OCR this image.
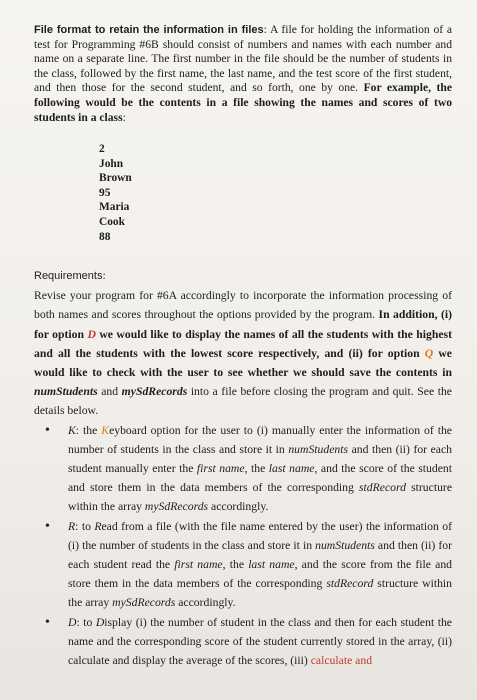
File format to retain the information in files: A file for holding the information of a test for Programming #6B should consist of numbers and names with each number and name on a separate line. The first number in the file should be the number of students in the class, followed by the first name, the last name, and the test score of the first student, and then those for the second student, and so forth, one by one. For example, the following would be the contents in a file showing the names and scores of two students in a class:
2
John
Brown
95
Maria
Cook
88
Requirements:
Revise your program for #6A accordingly to incorporate the information processing of both names and scores throughout the options provided by the program. In addition, (i) for option D we would like to display the names of all the students with the highest and all the students with the lowest score respectively, and (ii) for option Q we would like to check with the user to see whether we should save the contents in numStudents and mySdRecords into a file before closing the program and quit. See the details below.
• K: the Keyboard option for the user to (i) manually enter the information of the number of students in the class and store it in numStudents and then (ii) for each student manually enter the first name, the last name, and the score of the student and store them in the data members of the corresponding stdRecord structure within the array mySdRecords accordingly.
• R: to Read from a file (with the file name entered by the user) the information of (i) the number of students in the class and store it in numStudents and then (ii) for each student read the first name, the last name, and the score from the file and store them in the data members of the corresponding stdRecord structure within the array mySdRecords accordingly.
• D: to Display (i) the number of student in the class and then for each student the name and the corresponding score of the student currently stored in the array, (ii) calculate and display the average of the scores, (iii) calculate and
